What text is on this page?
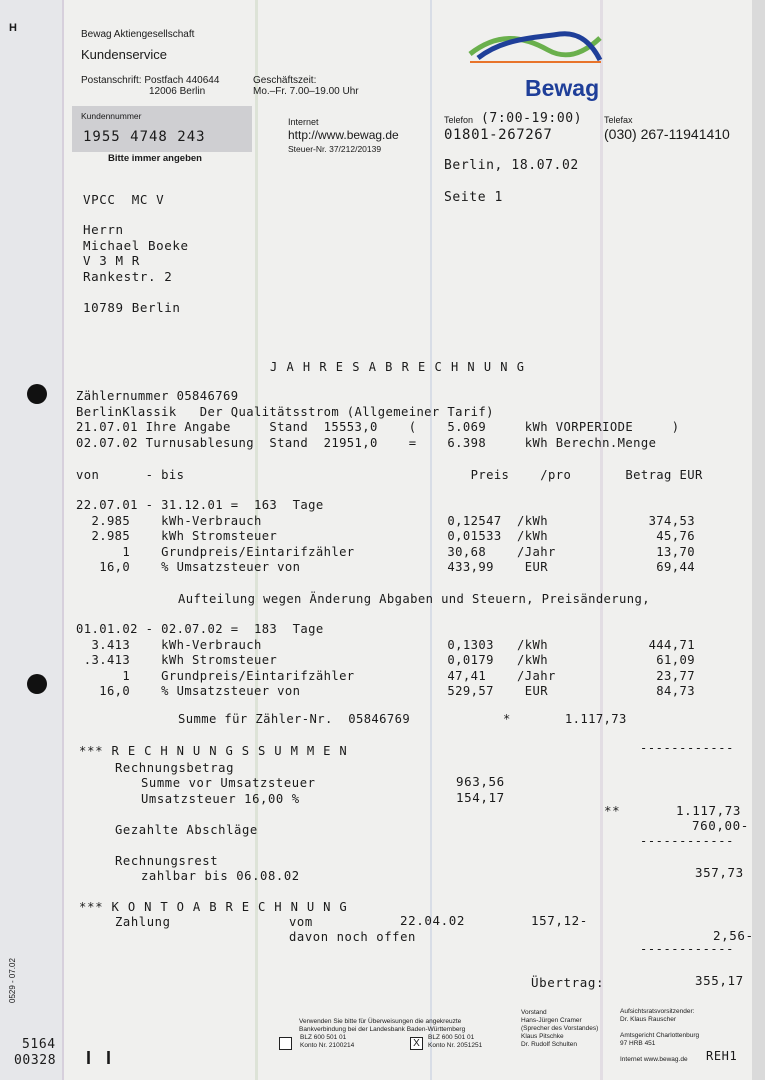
H
0529 - 07.02
5164
00328 I   I
Bewag Aktiengesellschaft
Kundenservice
Postanschrift: Postfach 440644
12006 Berlin
Geschäftszeit:
Mo.–Fr. 7.00–19.00 Uhr
Kundennummer
1955 4748 243
Bitte immer angeben
Internet
http://www.bewag.de
Steuer-Nr. 37/212/20139
Bewag
Telefon (7:00-19:00)
01801-267267
Telefax
(030) 267-11941410
Berlin, 18.07.02
Seite 1
VPCC  MC V
Herrn
Michael Boeke
V 3 M R
Rankestr. 2
10789 Berlin
J A H R E S A B R E C H N U N G
Zählernummer 05846769
BerlinKlassik   Der Qualitätsstrom (Allgemeiner Tarif)
21.07.01 Ihre Angabe     Stand  15553,0    (    5.069     kWh VORPERIODE     )
02.07.02 Turnusablesung  Stand  21951,0    =    6.398     kWh Berechn.Menge
von      - bis                                     Preis    /pro       Betrag EUR
22.07.01 - 31.12.01 =  163  Tage
2.985    kWh-Verbrauch                        0,12547  /kWh             374,53
2.985    kWh Stromsteuer                      0,01533  /kWh              45,76
1    Grundpreis/Eintarifzähler            30,68    /Jahr             13,70
16,0    % Umsatzsteuer von                   433,99    EUR              69,44
Aufteilung wegen Änderung Abgaben und Steuern, Preisänderung,
01.01.02 - 02.07.02 =  183  Tage
3.413    kWh-Verbrauch                        0,1303   /kWh             444,71
.3.413    kWh Stromsteuer                      0,0179   /kWh              61,09
1    Grundpreis/Eintarifzähler            47,41    /Jahr             23,77
16,0    % Umsatzsteuer von                   529,57    EUR              84,73
Summe für Zähler-Nr.  05846769            *       1.117,73
*** R E C H N U N G S S U M M E N	------------
Rechnungsbetrag
Summe vor Umsatzsteuer	963,56
Umsatzsteuer 16,00 %	154,17
**	1.117,73
Gezahlte Abschläge	760,00-
------------
Rechnungsrest
zahlbar bis 06.08.02	357,73
*** K O N T O A B R E C H N U N G
Zahlung	vom	22.04.02	157,12-
davon noch offen	2,56-
------------
Übertrag:	355,17
Verwenden Sie bitte für Überweisungen die angekreuzte
Bankverbindung bei der Landesbank Baden-Württemberg
BLZ 600 501 01
Konto Nr. 2100214	X
BLZ 600 501 01
Konto Nr. 2051251
Vorstand
Hans-Jürgen Cramer
(Sprecher des Vorstandes)
Klaus Pitschke
Dr. Rudolf Schulten
Aufsichtsratsvorsitzender:
Dr. Klaus Rauscher
Amtsgericht Charlottenburg
97 HRB 451
Internet www.bewag.de REH1
